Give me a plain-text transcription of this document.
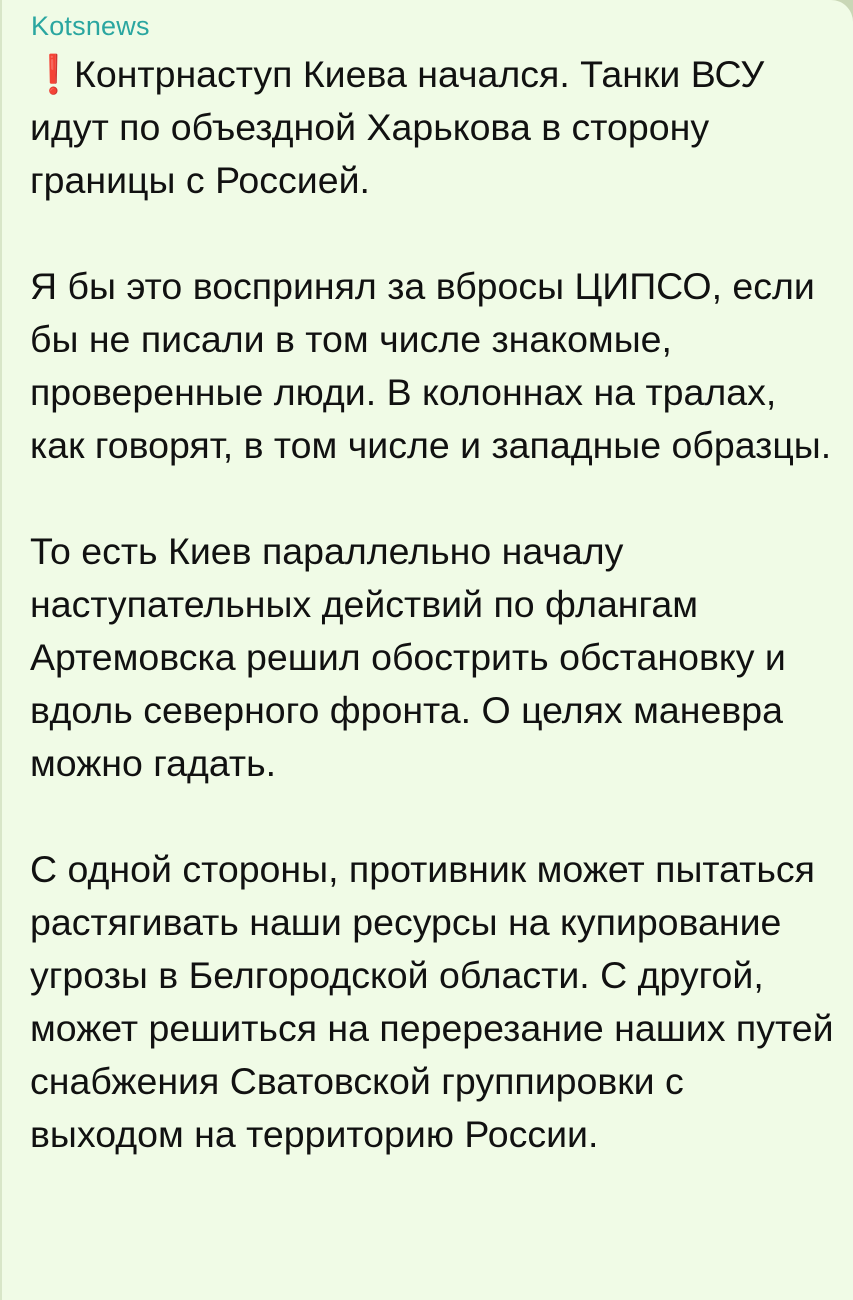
Kotsnews

❗Контрнаступ Киева начался. Танки ВСУ идут по объездной Харькова в сторону границы с Россией.

Я бы это воспринял за вбросы ЦИПСО, если бы не писали в том числе знакомые, проверенные люди. В колоннах на тралах, как говорят, в том числе и западные образцы.

То есть Киев параллельно началу наступательных действий по флангам Артемовска решил обострить обстановку и вдоль северного фронта. О целях маневра можно гадать.

С одной стороны, противник может пытаться растягивать наши ресурсы на купирование угрозы в Белгородской области. С другой, может решиться на перерезание наших путей снабжения Сватовской группировки с выходом на территорию России.
